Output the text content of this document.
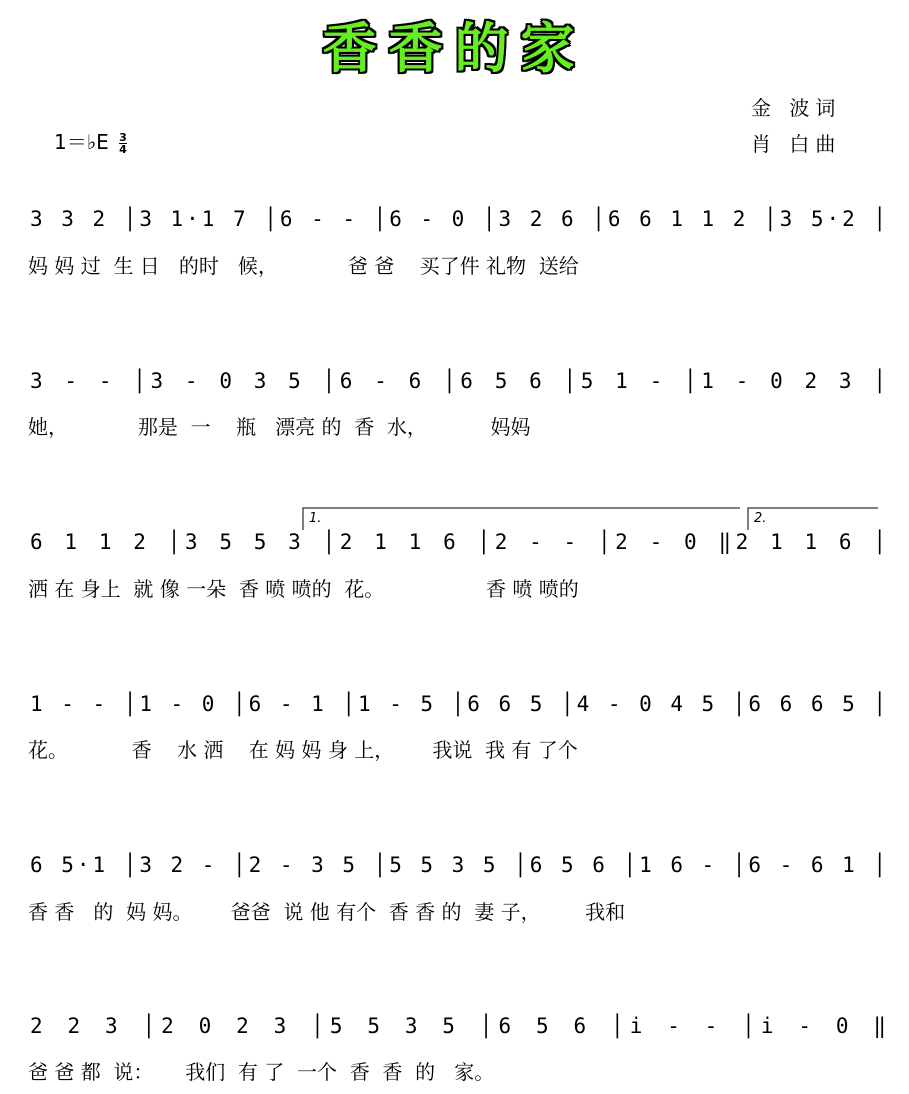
香香的家
金 波词
肖 白曲
1＝♭E $\frac{3}{4}$
3 3 2 │3 1·1 7 │6 ‑ ‑ │6 ‑ 0 │3 2 6 │6 6 1 1 2 │3 5·2 │
3 ‑ ‑ │3 ‑ 0 3 5 │6 ‑ 6 │6 5 6 │5 1 ‑ │1 ‑ 0 2 3 │
6 1 1 2 │3 5 5 3 │2 1 1 6 │2 ‑ ‑ │2 ‑ 0 ‖2 1 1 6 │
1 ‑ ‑ │1 ‑ 0 │6 ‑ 1 │1 ‑ 5 │6 6 5 │4 ‑ 0 4 5 │6 6 6 5 │
6 5·1 │3 2 ‑ │2 ‑ 3 5 │5 5 3 5 │6 5 6 │1 6 ‑ │6 ‑ 6 1 │
2 2 3 │2 0 2 3 │5 5 3 5 │6 5 6 │i ‑ ‑ │i ‑ 0 ‖
1.	2.
妈 妈 过  生 日   的时   候，           爸 爸    买了件 礼物  送给
她，           那是  一    瓶   漂亮 的  香  水，          妈妈
洒 在 身上  就 像 一朵  香 喷 喷的  花。                香 喷 喷的
花。          香    水 洒    在 妈 妈 身 上，      我说  我 有 了个
香 香   的  妈 妈。      爸爸  说 他 有个  香 香 的  妻 子，       我和
爸 爸 都  说：     我们  有 了  一个  香  香  的   家。
